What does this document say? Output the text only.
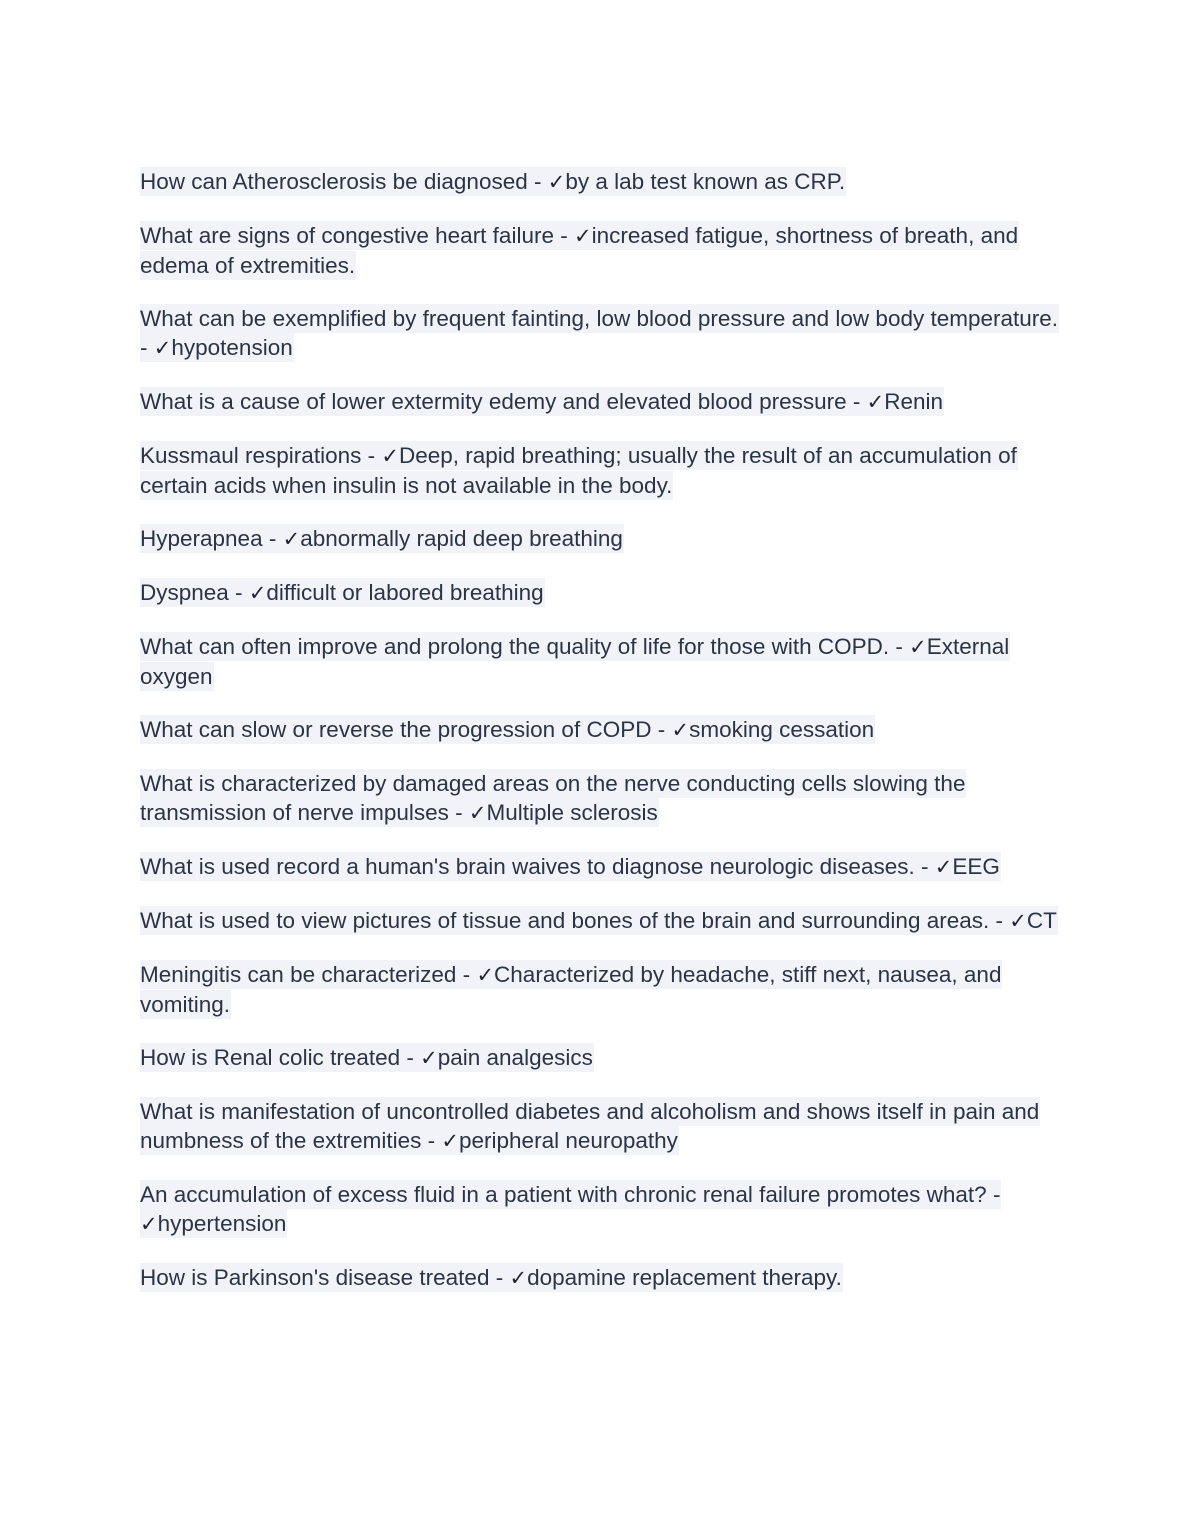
How can Atherosclerosis be diagnosed - ✓by a lab test known as CRP.
What are signs of congestive heart failure - ✓increased fatigue, shortness of breath, and edema of extremities.
What can be exemplified by frequent fainting, low blood pressure and low body temperature. - ✓hypotension
What is a cause of lower extermity edemy and elevated blood pressure - ✓Renin
Kussmaul respirations - ✓Deep, rapid breathing; usually the result of an accumulation of certain acids when insulin is not available in the body.
Hyperapnea - ✓abnormally rapid deep breathing
Dyspnea - ✓difficult or labored breathing
What can often improve and prolong the quality of life for those with COPD. - ✓External oxygen
What can slow or reverse the progression of COPD - ✓smoking cessation
What is characterized by damaged areas on the nerve conducting cells slowing the transmission of nerve impulses - ✓Multiple sclerosis
What is used record a human's brain waives to diagnose neurologic diseases. - ✓EEG
What is used to view pictures of tissue and bones of the brain and surrounding areas. - ✓CT
Meningitis can be characterized - ✓Characterized by headache, stiff next, nausea, and vomiting.
How is Renal colic treated - ✓pain analgesics
What is manifestation of uncontrolled diabetes and alcoholism and shows itself in pain and numbness of the extremities - ✓peripheral neuropathy
An accumulation of excess fluid in a patient with chronic renal failure promotes what? - ✓hypertension
How is Parkinson's disease treated - ✓dopamine replacement therapy.
